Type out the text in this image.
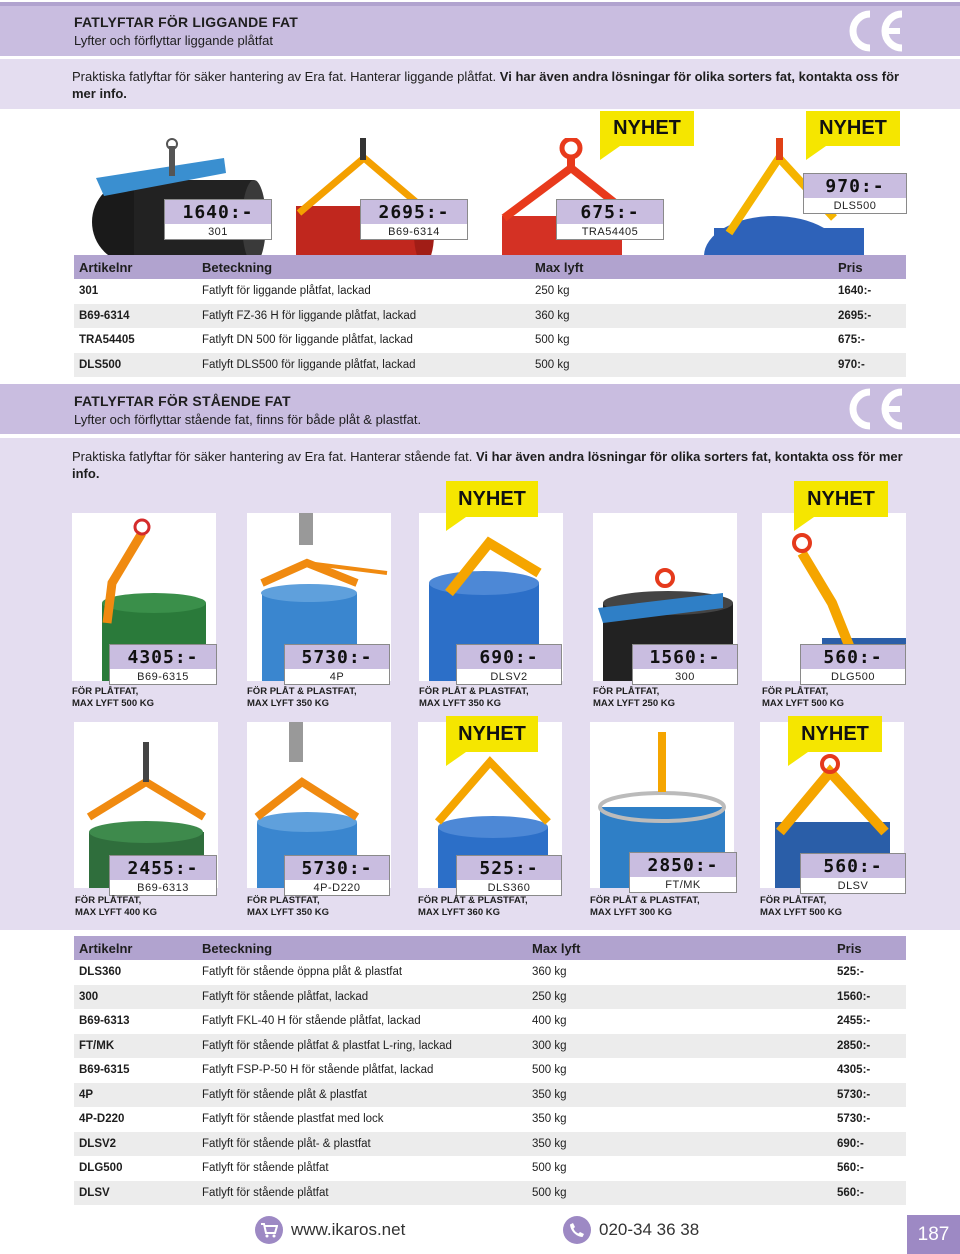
FATLYFTAR FÖR LIGGANDE FAT
Lyfter och förflyttar liggande plåtfat
Praktiska fatlyftar för säker hantering av Era fat. Hanterar liggande plåtfat. Vi har även andra lösningar för olika sorters fat, kontakta oss för mer info.
NYHET	NYHET
1640:-
301
2695:-
B69-6314
675:-
TRA54405
970:-
DLS500
Artikelnr	Beteckning	Max lyft	Pris
301	Fatlyft för liggande plåtfat, lackad	250 kg	1640:-
B69-6314	Fatlyft FZ-36 H för liggande plåtfat, lackad	360 kg	2695:-
TRA54405	Fatlyft DN 500 för liggande plåtfat, lackad	500 kg	675:-
DLS500	Fatlyft DLS500 för liggande plåtfat, lackad	500 kg	970:-
FATLYFTAR FÖR STÅENDE FAT
Lyfter och förflyttar stående fat, finns för både plåt & plastfat.
Praktiska fatlyftar för säker hantering av Era fat. Hanterar stående fat. Vi har även andra lösningar för olika sorters fat, kontakta oss för mer info.
NYHET	NYHET
4305:-
B69-6315
5730:-
4P
690:-
DLSV2
1560:-
300
560:-
DLG500
FÖR PLÅTFAT,
MAX LYFT 500 KG
FÖR PLÅT & PLASTFAT,
MAX LYFT 350 KG
FÖR PLÅT & PLASTFAT,
MAX LYFT 350 KG
FÖR PLÅTFAT,
MAX LYFT 250 KG
FÖR PLÅTFAT,
MAX LYFT 500 KG
NYHET	NYHET
2455:-
B69-6313
5730:-
4P-D220
525:-
DLS360
2850:-
FT/MK
560:-
DLSV
FÖR PLÅTFAT,
MAX LYFT 400 KG
FÖR PLASTFAT,
MAX LYFT 350 KG
FÖR PLÅT & PLASTFAT,
MAX LYFT 360 KG
FÖR PLÅT & PLASTFAT,
MAX LYFT 300 KG
FÖR PLÅTFAT,
MAX LYFT 500 KG
Artikelnr	Beteckning	Max lyft	Pris
DLS360	Fatlyft för stående öppna plåt & plastfat	360 kg	525:-
300	Fatlyft för stående plåtfat, lackad	250 kg	1560:-
B69-6313	Fatlyft FKL-40 H för stående plåtfat, lackad	400 kg	2455:-
FT/MK	Fatlyft för stående plåtfat & plastfat L-ring, lackad	300 kg	2850:-
B69-6315	Fatlyft FSP-P-50 H för stående plåtfat, lackad	500 kg	4305:-
4P	Fatlyft för stående plåt & plastfat	350 kg	5730:-
4P-D220	Fatlyft för stående plastfat med lock	350 kg	5730:-
DLSV2	Fatlyft för stående plåt- & plastfat	350 kg	690:-
DLG500	Fatlyft för stående plåtfat	500 kg	560:-
DLSV	Fatlyft för stående plåtfat	500 kg	560:-
www.ikaros.net	020-34 36 38	187
